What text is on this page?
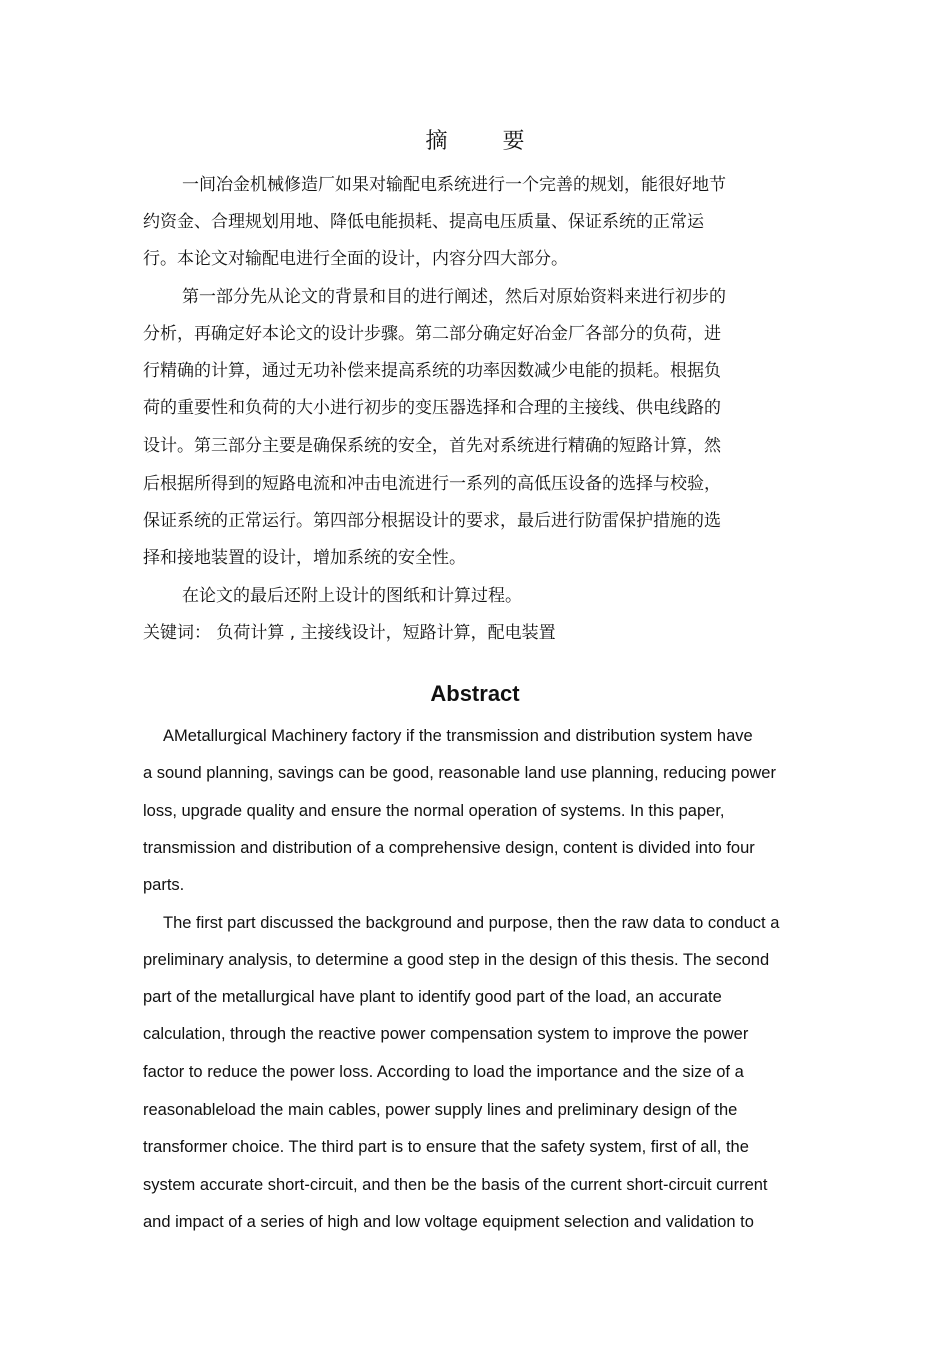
摘 要
一间冶金机械修造厂如果对输配电系统进行一个完善的规划，能很好地节
约资金、合理规划用地、降低电能损耗、提高电压质量、保证系统的正常运
行。本论文对输配电进行全面的设计，内容分四大部分。
第一部分先从论文的背景和目的进行阐述，然后对原始资料来进行初步的
分析，再确定好本论文的设计步骤。第二部分确定好冶金厂各部分的负荷，进
行精确的计算，通过无功补偿来提高系统的功率因数减少电能的损耗。根据负
荷的重要性和负荷的大小进行初步的变压器选择和合理的主接线、供电线路的
设计。第三部分主要是确保系统的安全，首先对系统进行精确的短路计算，然
后根据所得到的短路电流和冲击电流进行一系列的高低压设备的选择与校验，
保证系统的正常运行。第四部分根据设计的要求，最后进行防雷保护措施的选
择和接地装置的设计，增加系统的安全性。
在论文的最后还附上设计的图纸和计算过程。
关键词： 负荷计算 , 主接线设计，短路计算，配电装置
Abstract
AMetallurgical Machinery factory if the transmission and distribution system have
a sound planning, savings can be good, reasonable land use planning, reducing power
loss, upgrade quality and ensure the normal operation of systems. In this paper,
transmission and distribution of a comprehensive design, content is divided into four
parts.
The first part discussed the background and purpose, then the raw data to conduct a
preliminary analysis, to determine a good step in the design of this thesis. The second
part of the metallurgical have plant to identify good part of the load, an accurate
calculation, through the reactive power compensation system to improve the power
factor to reduce the power loss. According to load the importance and the size of a
reasonableload the main cables, power supply lines and preliminary design of the
transformer choice. The third part is to ensure that the safety system, first of all, the
system accurate short-circuit, and then be the basis of the current short-circuit current
and impact of a series of high and low voltage equipment selection and validation to
